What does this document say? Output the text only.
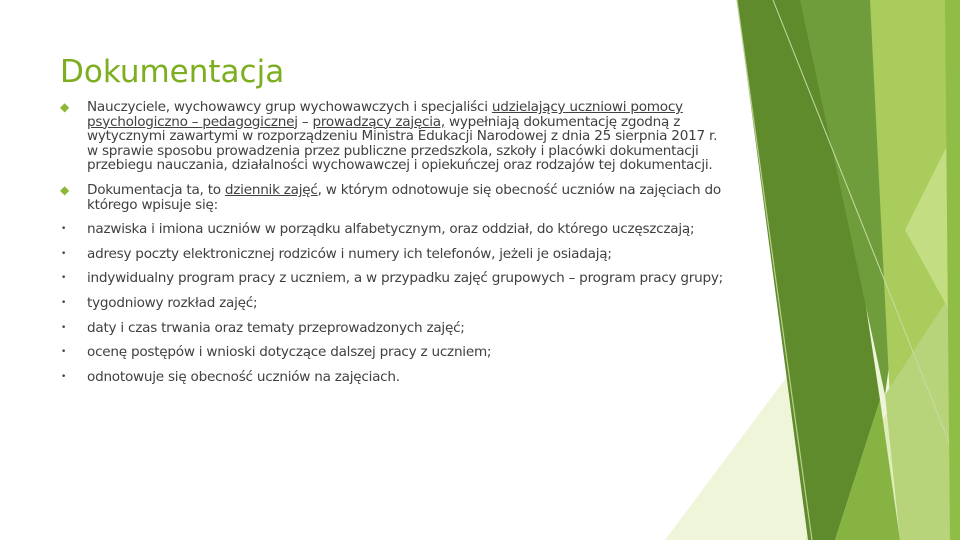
Dokumentacja
◆	Nauczyciele, wychowawcy grup wychowawczych i specjaliści udzielający uczniowi pomocy psychologiczno – pedagogicznej – prowadzący zajęcia, wypełniają dokumentację zgodną z wytycznymi zawartymi w rozporządzeniu Ministra Edukacji Narodowej z dnia 25 sierpnia 2017 r. w sprawie sposobu prowadzenia przez publiczne przedszkola, szkoły i placówki dokumentacji przebiegu nauczania, działalności wychowawczej i opiekuńczej oraz rodzajów tej dokumentacji.
◆	Dokumentacja ta, to dziennik zajęć, w którym odnotowuje się obecność uczniów na zajęciach do którego wpisuje się:
•	nazwiska i imiona uczniów w porządku alfabetycznym, oraz oddział, do którego uczęszczają;
•	adresy poczty elektronicznej rodziców i numery ich telefonów, jeżeli je osiadają;
•	indywidualny program pracy z uczniem, a w przypadku zajęć grupowych – program pracy grupy;
•	tygodniowy rozkład zajęć;
•	daty i czas trwania oraz tematy przeprowadzonych zajęć;
•	ocenę postępów i wnioski dotyczące dalszej pracy z uczniem;
•	odnotowuje się obecność uczniów na zajęciach.
